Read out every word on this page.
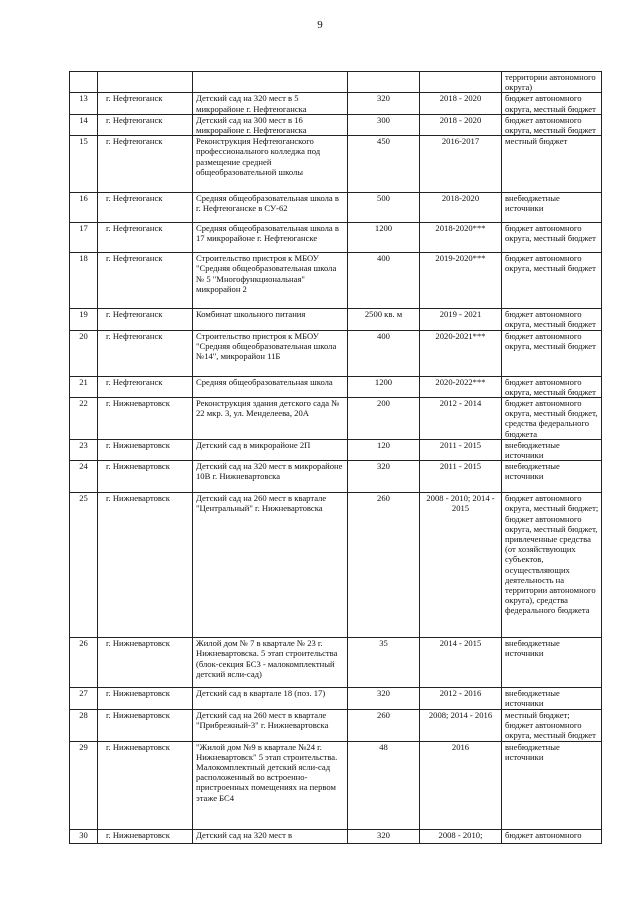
9
					территории автономного округа)
13	г. Нефтеюганск	Детский сад на 320 мест в 5 микрорайоне г. Нефтеюганска	320	2018 - 2020	бюджет автономного округа, местный бюджет
14	г. Нефтеюганск	Детский сад на 300 мест в 16 микрорайоне г. Нефтеюганска	300	2018 - 2020	бюджет автономного округа, местный бюджет
15	г. Нефтеюганск	Реконструкция Нефтеюганского профессионального колледжа под размещение средней общеобразовательной школы	450	2016-2017	местный бюджет
16	г. Нефтеюганск	Средняя общеобразовательная школа в г. Нефтеюганске в СУ-62	500	2018-2020	внебюджетные источники
17	г. Нефтеюганск	Средняя общеобразовательная школа в 17 микрорайоне г. Нефтеюганске	1200	2018-2020***	бюджет автономного округа, местный бюджет
18	г. Нефтеюганск	Строительство пристроя к МБОУ "Средняя общеобразовательная школа № 5 "Многофункциональная" микрорайон 2	400	2019-2020***	бюджет автономного округа, местный бюджет
19	г. Нефтеюганск	Комбинат школьного питания	2500 кв. м	2019 - 2021	бюджет автономного округа, местный бюджет
20	г. Нефтеюганск	Строительство пристроя к МБОУ "Средняя общеобразовательная школа №14", микрорайон 11Б	400	2020-2021***	бюджет автономного округа, местный бюджет
21	г. Нефтеюганск	Средняя общеобразовательная школа	1200	2020-2022***	бюджет автономного округа, местный бюджет
22	г. Нижневартовск	Реконструкция здания детского сада № 22 мкр. 3, ул. Менделеева, 20А	200	2012 - 2014	бюджет автономного округа, местный бюджет, средства федерального бюджета
23	г. Нижневартовск	Детский сад в микрорайоне 2П	120	2011 - 2015	внебюджетные источники
24	г. Нижневартовск	Детский сад на 320 мест в микрорайоне 10В г. Нижневартовска	320	2011 - 2015	внебюджетные источники
25	г. Нижневартовск	Детский сад на 260 мест в квартале "Центральный" г. Нижневартовска	260	2008 - 2010; 2014 - 2015	бюджет автономного округа, местный бюджет; бюджет автономного округа, местный бюджет, привлеченные средства (от хозяйствующих субъектов, осуществляющих деятельность на территории автономного округа), средства федерального бюджета
26	г. Нижневартовск	Жилой дом № 7 в квартале № 23 г. Нижневартовска. 5 этап строительства (блок-секция БС3 - малокомплектный детский ясли-сад)	35	2014 - 2015	внебюджетные источники
27	г. Нижневартовск	Детский сад в квартале 18 (поз. 17)	320	2012 - 2016	внебюджетные источники
28	г. Нижневартовск	Детский сад на 260 мест в квартале "Прибрежный-3" г. Нижневартовска	260	2008; 2014 - 2016	местный бюджет; бюджет автономного округа, местный бюджет
29	г. Нижневартовск	"Жилой дом №9 в квартале №24 г. Нижневартовск" 5 этап строительства. Малокомплектный детский ясли-сад расположенный во встроенно-пристроенных помещениях на первом этаже БС4	48	2016	внебюджетные источники
30	г. Нижневартовск	Детский сад на 320 мест в	320	2008 - 2010;	бюджет автономного
